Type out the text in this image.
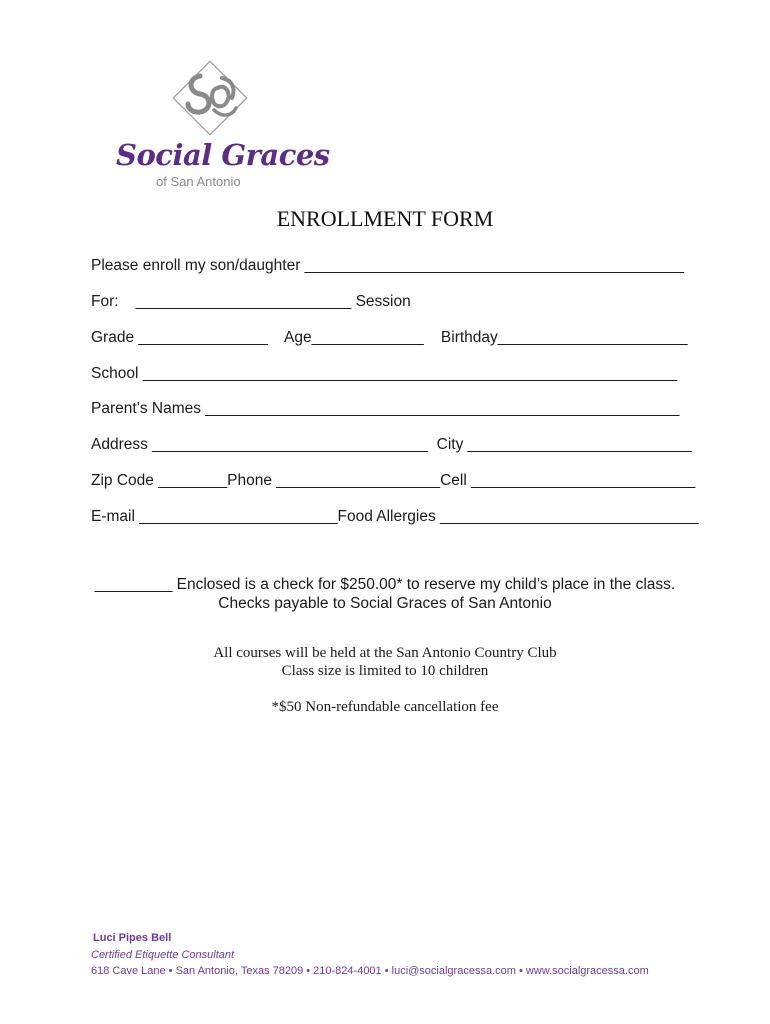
Social Graces
of San Antonio
ENROLLMENT FORM
Please enroll my son/daughter ____________________________________________
For:    _________________________ Session
Grade _______________    Age_____________    Birthday______________________
School ______________________________________________________________
Parent’s Names _______________________________________________________
Address ________________________________  City __________________________
Zip Code ________Phone ___________________Cell __________________________
E-mail _______________________Food Allergies ______________________________
_________ Enclosed is a check for $250.00* to reserve my child’s place in the class.
Checks payable to Social Graces of San Antonio
All courses will be held at the San Antonio Country Club
Class size is limited to 10 children
*$50 Non-refundable cancellation fee
Luci Pipes Bell
Certified Etiquette Consultant
618 Cave Lane • San Antonio, Texas 78209 • 210-824-4001 • luci@socialgracessa.com • www.socialgracessa.com
